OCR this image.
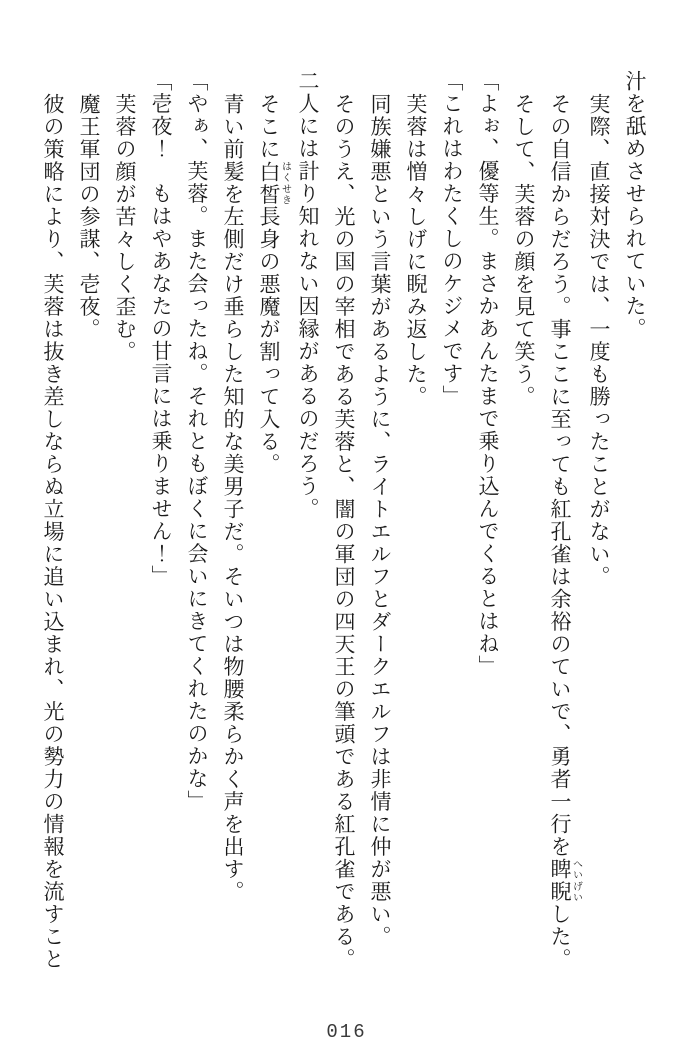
汁を舐めさせられていた。

実際、直接対決では、一度も勝ったことがない。

その自信からだろう。事ここに至っても紅孔雀は余裕のていで、勇者一行を睥睨へいげいした。

そして、芙蓉の顔を見て笑う。

「よぉ、優等生。まさかあんたまで乗り込んでくるとはね」

「これはわたくしのケジメです」

芙蓉は憎々しげに睨み返した。

同族嫌悪という言葉があるように、ライトエルフとダークエルフは非情に仲が悪い。

そのうえ、光の国の宰相である芙蓉と、闇の軍団の四天王の筆頭である紅孔雀である。

二人には計り知れない因縁があるのだろう。

そこに白皙はくせき長身の悪魔が割って入る。

青い前髪を左側だけ垂らした知的な美男子だ。そいつは物腰柔らかく声を出す。

「やぁ、芙蓉。また会ったね。それともぼくに会いにきてくれたのかな」

「壱夜！　もはやあなたの甘言には乗りません！」

芙蓉の顔が苦々しく歪む。

魔王軍団の参謀、壱夜。

彼の策略により、芙蓉は抜き差しならぬ立場に追い込まれ、光の勢力の情報を流すこと

016
